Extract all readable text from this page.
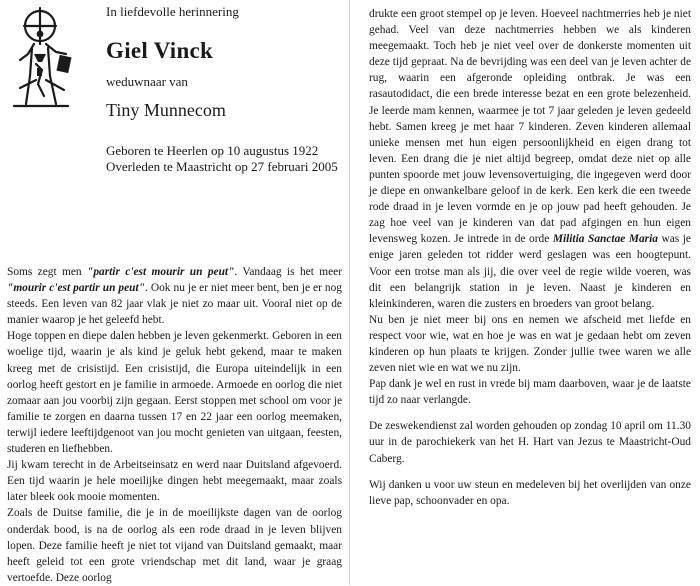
In liefdevolle herinnering
Giel Vinck
weduwnaar van
Tiny Munnecom
Geboren te Heerlen op 10 augustus 1922
Overleden te Maastricht op 27 februari 2005

Soms zegt men "partir c'est mourir un peut". Vandaag is het meer "mourir c'est partir un peut". Ook nu je er niet meer bent, ben je er nog steeds. Een leven van 82 jaar vlak je niet zo maar uit. Vooral niet op de manier waarop je het geleefd hebt.

Hoge toppen en diepe dalen hebben je leven gekenmerkt. Geboren in een woelige tijd, waarin je als kind je geluk hebt gekend, maar te maken kreeg met de crisistijd. Een crisistijd, die Europa uiteindelijk in een oorlog heeft gestort en je familie in armoede. Armoede en oorlog die niet zomaar aan jou voorbij zijn gegaan. Eerst stoppen met school om voor je familie te zorgen en daarna tussen 17 en 22 jaar een oorlog meemaken, terwijl iedere leeftijdgenoot van jou mocht genieten van uitgaan, feesten, studeren en liefhebben.

Jij kwam terecht in de Arbeitseinsatz en werd naar Duitsland afgevoerd. Een tijd waarin je hele moeilijke dingen hebt meegemaakt, maar zoals later bleek ook mooie momenten.

Zoals de Duitse familie, die je in de moeilijkste dagen van de oorlog onderdak bood, is na de oorlog als een rode draad in je leven blijven lopen. Deze familie heeft je niet tot vijand van Duitsland gemaakt, maar heeft geleid tot een grote vriendschap met dit land, waar je graag vertoefde. Deze oorlog

drukte een groot stempel op je leven. Hoeveel nachtmerries heb je niet gehad. Veel van deze nachtmerries hebben we als kinderen meegemaakt. Toch heb je niet veel over de donkerste momenten uit deze tijd gepraat. Na de bevrijding was een deel van je leven achter de rug, waarin een afgeronde opleiding ontbrak. Je was een rasautodidact, die een brede interesse bezat en een grote belezenheid. Je leerde mam kennen, waarmee je tot 7 jaar geleden je leven gedeeld hebt. Samen kreeg je met haar 7 kinderen. Zeven kinderen allemaal unieke mensen met hun eigen persoonlijkheid en eigen drang tot leven. Een drang die je niet altijd begreep, omdat deze niet op alle punten spoorde met jouw levensovertuiging, die ingegeven werd door je diepe en onwankelbare geloof in de kerk. Een kerk die een tweede rode draad in je leven vormde en je op jouw pad heeft gehouden. Je zag hoe veel van je kinderen van dat pad afgingen en hun eigen levensweg kozen. Je intrede in de orde Militia Sanctae Maria was je enige jaren geleden tot ridder werd geslagen was een hoogtepunt. Voor een trotse man als jij, die over veel de regie wilde voeren, was dit een belangrijk station in je leven. Naast je kinderen en kleinkinderen, waren die zusters en broeders van groot belang.

Nu ben je niet meer bij ons en nemen we afscheid met liefde en respect voor wie, wat en hoe je was en wat je gedaan hebt om zeven kinderen op hun plaats te krijgen. Zonder jullie twee waren we alle zeven niet wie en wat we nu zijn.

Pap dank je wel en rust in vrede bij mam daarboven, waar je de laatste tijd zo naar verlangde.

De zeswekendienst zal worden gehouden op zondag 10 april om 11.30 uur in de parochiekerk van het H. Hart van Jezus te Maastricht-Oud Caberg.

Wij danken u voor uw steun en medeleven bij het overlijden van onze lieve pap, schoonvader en opa.
